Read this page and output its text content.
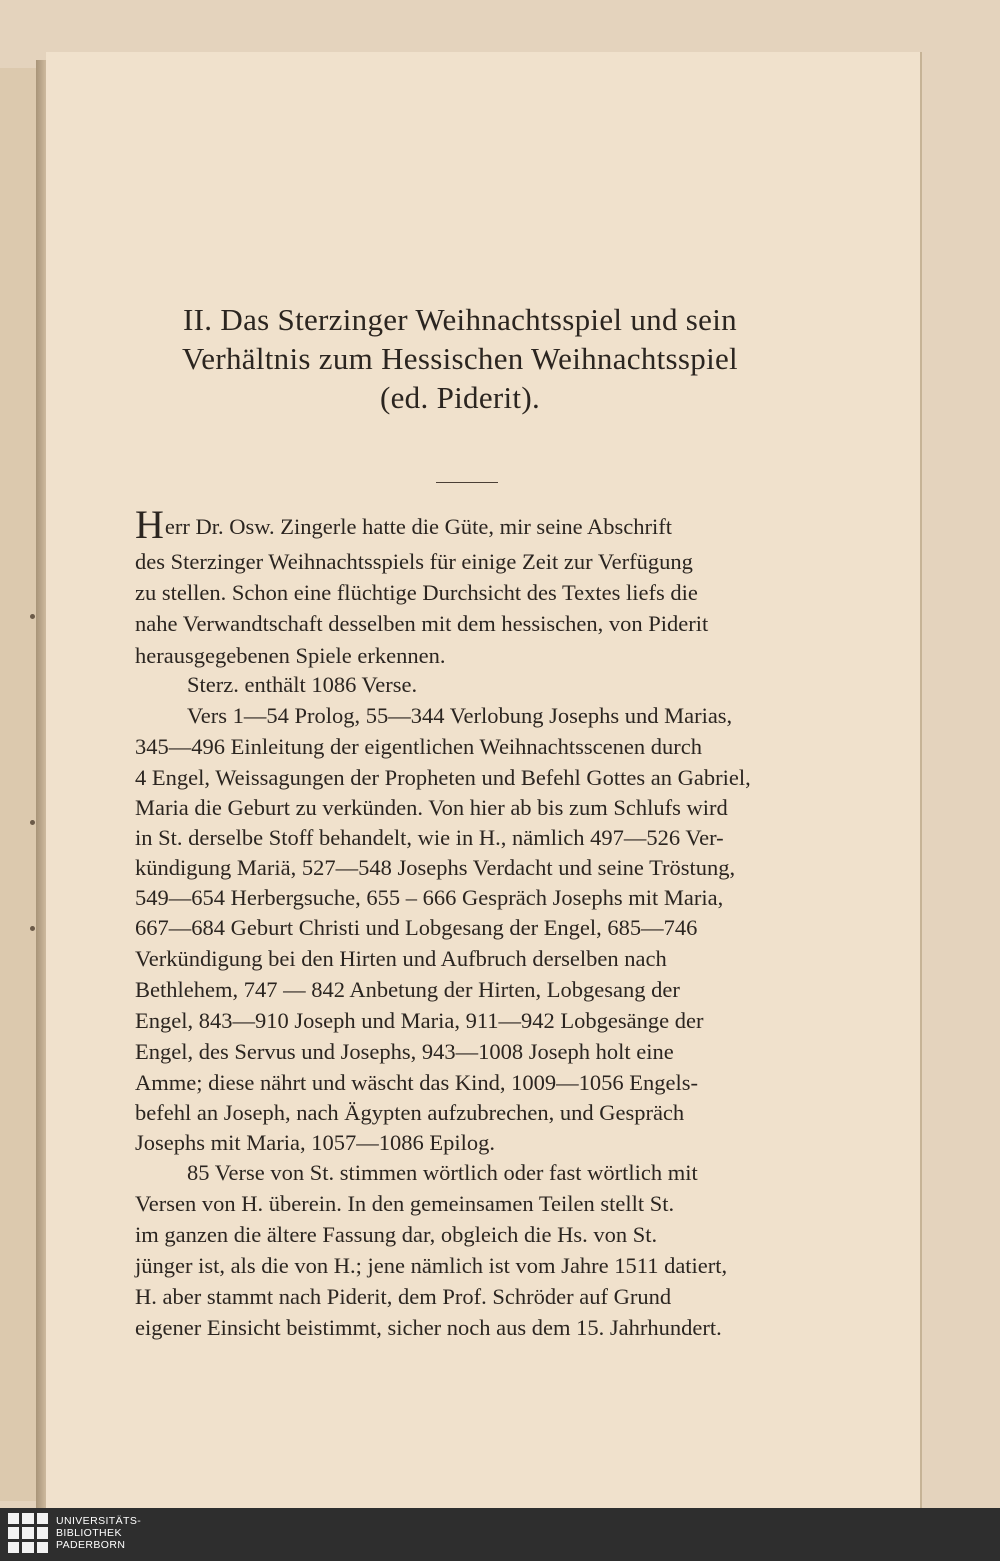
II. Das Sterzinger Weihnachtsspiel und sein
Verhältnis zum Hessischen Weihnachtsspiel
(ed. Piderit).
Herr Dr. Osw. Zingerle hatte die Güte, mir seine Abschrift
des Sterzinger Weihnachtsspiels für einige Zeit zur Verfügung
zu stellen. Schon eine flüchtige Durchsicht des Textes liefs die
nahe Verwandtschaft desselben mit dem hessischen, von Piderit
herausgegebenen Spiele erkennen.
Sterz. enthält 1086 Verse.
Vers 1—54 Prolog, 55—344 Verlobung Josephs und Marias,
345—496 Einleitung der eigentlichen Weihnachtsscenen durch
4 Engel, Weissagungen der Propheten und Befehl Gottes an Gabriel,
Maria die Geburt zu verkünden. Von hier ab bis zum Schlufs wird
in St. derselbe Stoff behandelt, wie in H., nämlich 497—526 Ver-
kündigung Mariä, 527—548 Josephs Verdacht und seine Tröstung,
549—654 Herbergsuche, 655 – 666 Gespräch Josephs mit Maria,
667—684 Geburt Christi und Lobgesang der Engel, 685—746
Verkündigung bei den Hirten und Aufbruch derselben nach
Bethlehem, 747 — 842 Anbetung der Hirten, Lobgesang der
Engel, 843—910 Joseph und Maria, 911—942 Lobgesänge der
Engel, des Servus und Josephs, 943—1008 Joseph holt eine
Amme; diese nährt und wäscht das Kind, 1009—1056 Engels-
befehl an Joseph, nach Ägypten aufzubrechen, und Gespräch
Josephs mit Maria, 1057—1086 Epilog.
85 Verse von St. stimmen wörtlich oder fast wörtlich mit
Versen von H. überein. In den gemeinsamen Teilen stellt St.
im ganzen die ältere Fassung dar, obgleich die Hs. von St.
jünger ist, als die von H.; jene nämlich ist vom Jahre 1511 datiert,
H. aber stammt nach Piderit, dem Prof. Schröder auf Grund
eigener Einsicht beistimmt, sicher noch aus dem 15. Jahrhundert.
UNIVERSITÄTS-
BIBLIOTHEK
PADERBORN
